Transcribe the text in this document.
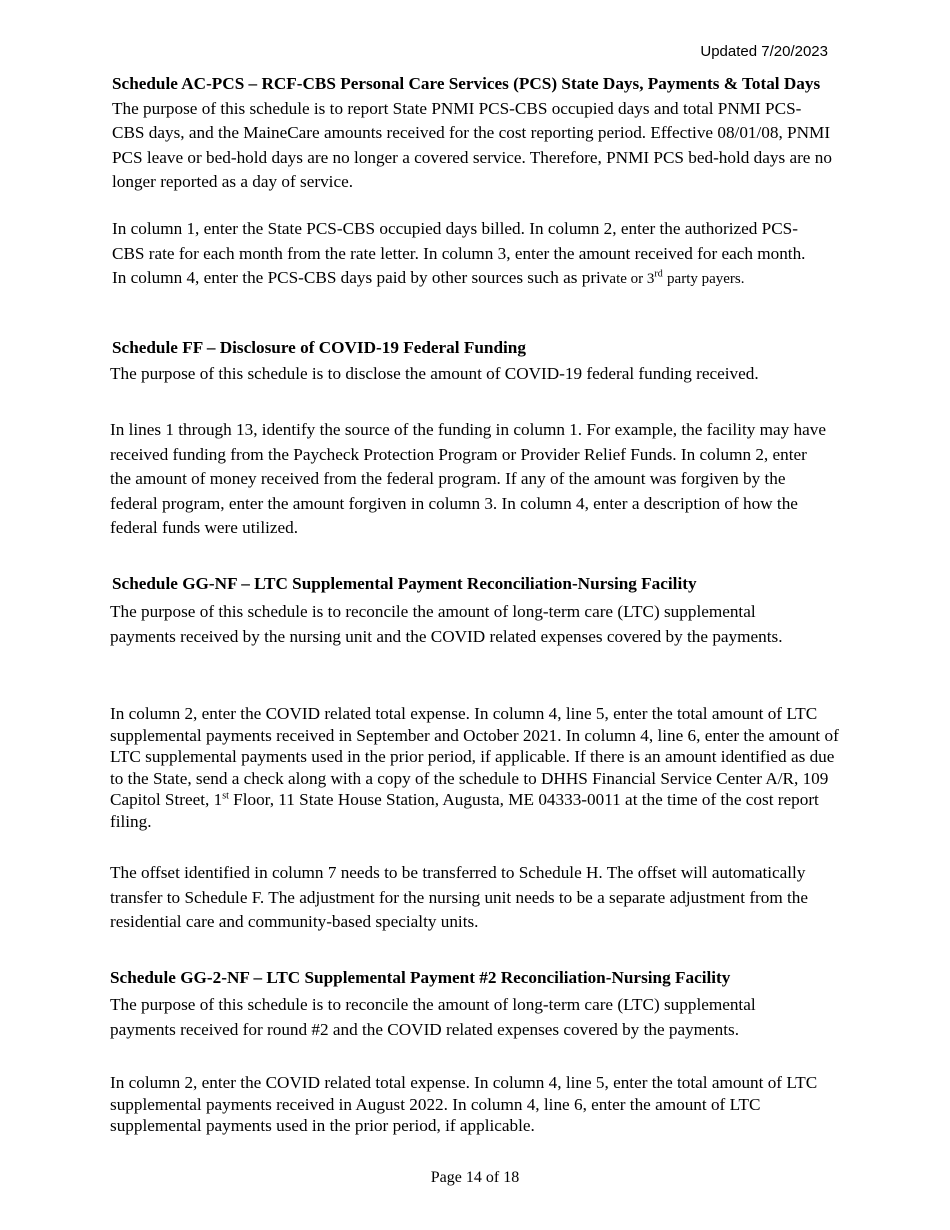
Updated 7/20/2023

Schedule AC-PCS – RCF-CBS Personal Care Services (PCS) State Days, Payments & Total Days The purpose of this schedule is to report State PNMI PCS-CBS occupied days and total PNMI PCS-CBS days, and the MaineCare amounts received for the cost reporting period. Effective 08/01/08, PNMI PCS leave or bed-hold days are no longer a covered service. Therefore, PNMI PCS bed-hold days are no longer reported as a day of service.

In column 1, enter the State PCS-CBS occupied days billed. In column 2, enter the authorized PCS-CBS rate for each month from the rate letter. In column 3, enter the amount received for each month. In column 4, enter the PCS-CBS days paid by other sources such as private or 3rd party payers.

Schedule FF – Disclosure of COVID-19 Federal Funding

The purpose of this schedule is to disclose the amount of COVID-19 federal funding received.

In lines 1 through 13, identify the source of the funding in column 1. For example, the facility may have received funding from the Paycheck Protection Program or Provider Relief Funds. In column 2, enter the amount of money received from the federal program. If any of the amount was forgiven by the federal program, enter the amount forgiven in column 3. In column 4, enter a description of how the federal funds were utilized.

Schedule GG-NF – LTC Supplemental Payment Reconciliation-Nursing Facility

The purpose of this schedule is to reconcile the amount of long-term care (LTC) supplemental payments received by the nursing unit and the COVID related expenses covered by the payments.

In column 2, enter the COVID related total expense. In column 4, line 5, enter the total amount of LTC supplemental payments received in September and October 2021. In column 4, line 6, enter the amount of LTC supplemental payments used in the prior period, if applicable. If there is an amount identified as due to the State, send a check along with a copy of the schedule to DHHS Financial Service Center A/R, 109 Capitol Street, 1st Floor, 11 State House Station, Augusta, ME 04333-0011 at the time of the cost report filing.

The offset identified in column 7 needs to be transferred to Schedule H. The offset will automatically transfer to Schedule F. The adjustment for the nursing unit needs to be a separate adjustment from the residential care and community-based specialty units.

Schedule GG-2-NF – LTC Supplemental Payment #2 Reconciliation-Nursing Facility

The purpose of this schedule is to reconcile the amount of long-term care (LTC) supplemental payments received for round #2 and the COVID related expenses covered by the payments.

In column 2, enter the COVID related total expense. In column 4, line 5, enter the total amount of LTC supplemental payments received in August 2022. In column 4, line 6, enter the amount of LTC supplemental payments used in the prior period, if applicable.

Page 14 of 18
